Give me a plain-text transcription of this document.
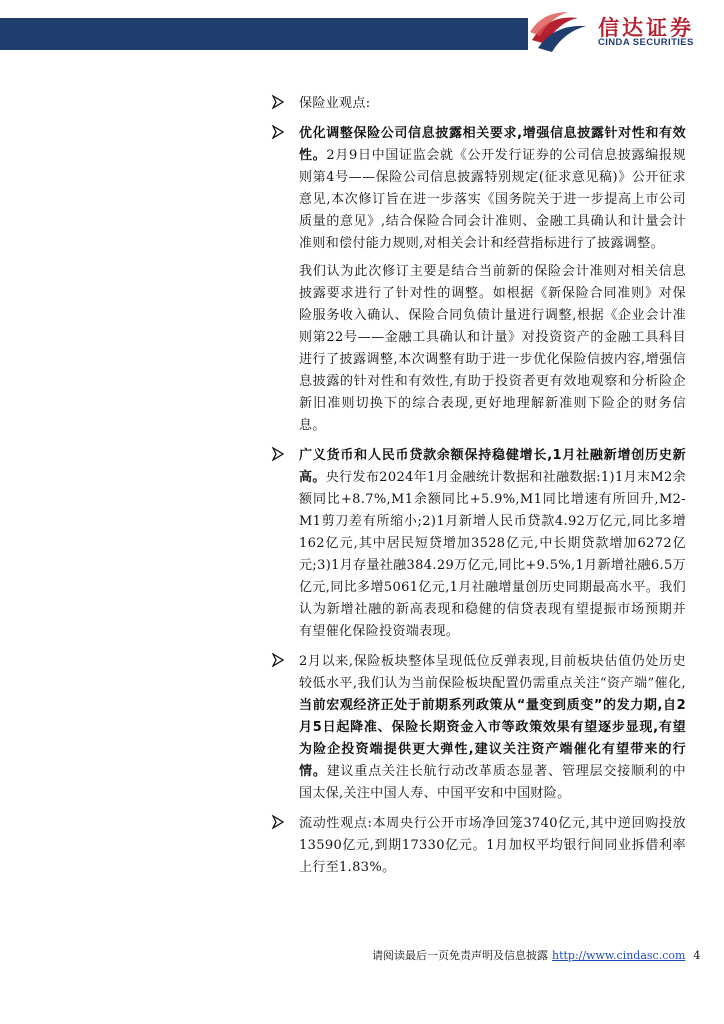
信达证券
CINDA SECURITIES

保险业观点:

优化调整保险公司信息披露相关要求,增强信息披露针对性和有效性。2月9日中国证监会就《公开发行证券的公司信息披露编报规则第4号——保险公司信息披露特别规定(征求意见稿)》公开征求意见,本次修订旨在进一步落实《国务院关于进一步提高上市公司质量的意见》,结合保险合同会计准则、金融工具确认和计量会计准则和偿付能力规则,对相关会计和经营指标进行了披露调整。

我们认为此次修订主要是结合当前新的保险会计准则对相关信息披露要求进行了针对性的调整。如根据《新保险合同准则》对保险服务收入确认、保险合同负债计量进行调整,根据《企业会计准则第22号——金融工具确认和计量》对投资资产的金融工具科目进行了披露调整,本次调整有助于进一步优化保险信披内容,增强信息披露的针对性和有效性,有助于投资者更有效地观察和分析险企新旧准则切换下的综合表现,更好地理解新准则下险企的财务信息。

广义货币和人民币贷款余额保持稳健增长,1月社融新增创历史新高。央行发布2024年1月金融统计数据和社融数据:1)1月末M2余额同比+8.7%,M1余额同比+5.9%,M1同比增速有所回升,M2-M1剪刀差有所缩小;2)1月新增人民币贷款4.92万亿元,同比多增162亿元,其中居民短贷增加3528亿元,中长期贷款增加6272亿元;3)1月存量社融384.29万亿元,同比+9.5%,1月新增社融6.5万亿元,同比多增5061亿元,1月社融增量创历史同期最高水平。我们认为新增社融的新高表现和稳健的信贷表现有望提振市场预期并有望催化保险投资端表现。

2月以来,保险板块整体呈现低位反弹表现,目前板块估值仍处历史较低水平,我们认为当前保险板块配置仍需重点关注“资产端”催化,当前宏观经济正处于前期系列政策从“量变到质变”的发力期,自2月5日起降准、保险长期资金入市等政策效果有望逐步显现,有望为险企投资端提供更大弹性,建议关注资产端催化有望带来的行情。建议重点关注长航行动改革质态显著、管理层交接顺利的中国太保,关注中国人寿、中国平安和中国财险。

流动性观点:本周央行公开市场净回笼3740亿元,其中逆回购投放13590亿元,到期17330亿元。1月加权平均银行间同业拆借利率上行至1.83%。

请阅读最后一页免责声明及信息披露 http://www.cindasc.com 4
